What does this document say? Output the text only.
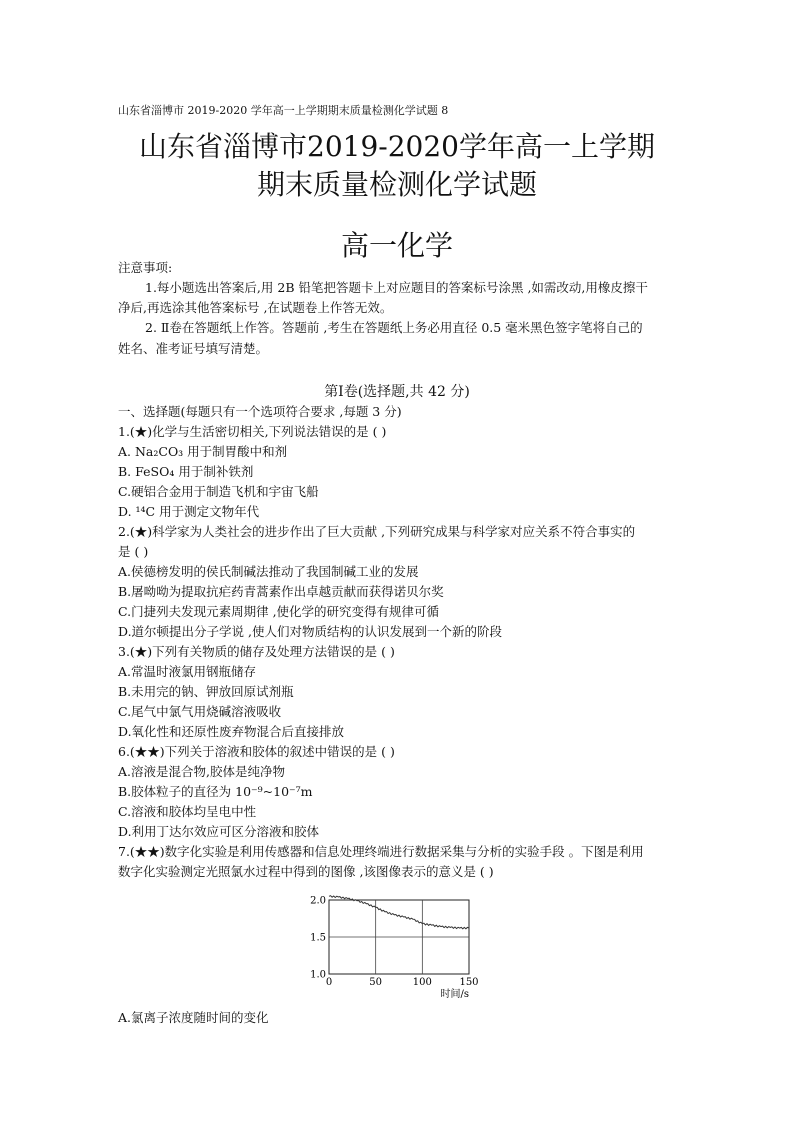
山东省淄博市 2019-2020 学年高一上学期期末质量检测化学试题 8
山东省淄博市2019-2020学年高一上学期
期末质量检测化学试题
高一化学
注意事项:
1.每小题选出答案后,用 2B 铅笔把答题卡上对应题目的答案标号涂黑 ,如需改动,用橡皮擦干
净后,再选涂其他答案标号 ,在试题卷上作答无效。
2. Ⅱ卷在答题纸上作答。答题前 ,考生在答题纸上务必用直径 0.5 毫米黑色签字笔将自己的
姓名、准考证号填写清楚。
第Ⅰ卷(选择题,共 42 分)
一、选择题(每题只有一个选项符合要求 ,每题 3 分)
1.(★)化学与生活密切相关,下列说法错误的是 ( )
A. Na₂CO₃ 用于制胃酸中和剂
B. FeSO₄ 用于制补铁剂
C.硬铝合金用于制造飞机和宇宙飞船
D. ¹⁴C 用于测定文物年代
2.(★)科学家为人类社会的进步作出了巨大贡献 ,下列研究成果与科学家对应关系不符合事实的
是 ( )
A.侯德榜发明的侯氏制碱法推动了我国制碱工业的发展
B.屠呦呦为提取抗疟药青蒿素作出卓越贡献而获得诺贝尔奖
C.门捷列夫发现元素周期律 ,使化学的研究变得有规律可循
D.道尔顿提出分子学说 ,使人们对物质结构的认识发展到一个新的阶段
3.(★)下列有关物质的储存及处理方法错误的是 ( )
A.常温时液氯用钢瓶储存
B.未用完的钠、钾放回原试剂瓶
C.尾气中氯气用烧碱溶液吸收
D.氧化性和还原性废弃物混合后直接排放
6.(★★)下列关于溶液和胶体的叙述中错误的是 ( )
A.溶液是混合物,胶体是纯净物
B.胶体粒子的直径为 10⁻⁹~10⁻⁷m
C.溶液和胶体均呈电中性
D.利用丁达尔效应可区分溶液和胶体
7.(★★)数字化实验是利用传感器和信息处理终端进行数据采集与分析的实验手段 。下图是利用
数字化实验测定光照氯水过程中得到的图像 ,该图像表示的意义是 ( )
0	50	100	150
1.0
1.5
2.0
时间/s
A.氯离子浓度随时间的变化
